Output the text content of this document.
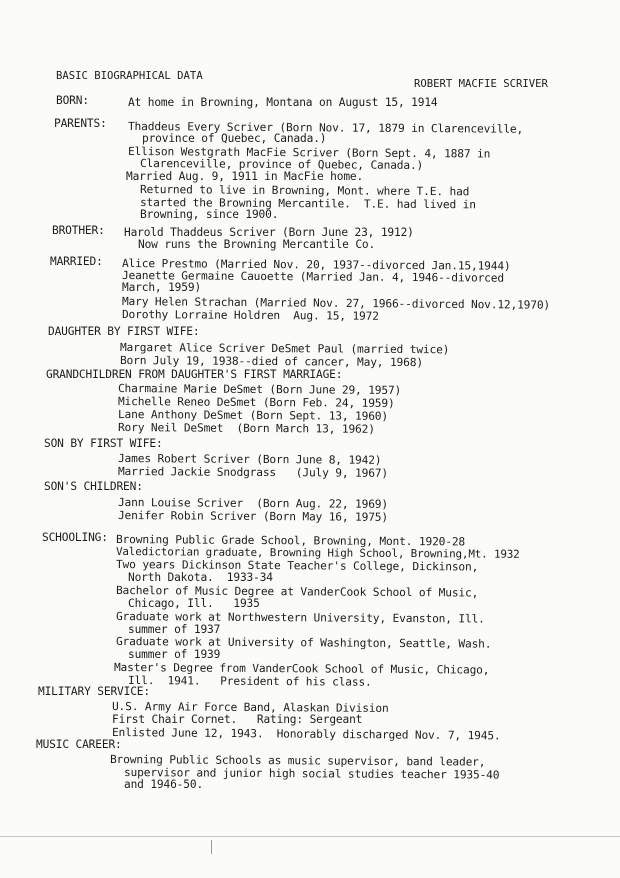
BASIC BIOGRAPHICAL DATA
ROBERT MACFIE SCRIVER
BORN:	At home in Browning, Montana on August 15, 1914
PARENTS: Thaddeus Every Scriver (Born Nov. 17, 1879 in Clarenceville,
province of Quebec, Canada.)
Ellison Westgrath MacFie Scriver (Born Sept. 4, 1887 in
Clarenceville, province of Quebec, Canada.)
Married Aug. 9, 1911 in MacFie home.
Returned to live in Browning, Mont. where T.E. had
started the Browning Mercantile.  T.E. had lived in
Browning, since 1900.
BROTHER: Harold Thaddeus Scriver (Born June 23, 1912)
Now runs the Browning Mercantile Co.
MARRIED: Alice Prestmo (Married Nov. 20, 1937--divorced Jan.15,1944)
Jeanette Germaine Cauoette (Married Jan. 4, 1946--divorced
March, 1959)
Mary Helen Strachan (Married Nov. 27, 1966--divorced Nov.12,1970)
Dorothy Lorraine Holdren  Aug. 15, 1972
DAUGHTER BY FIRST WIFE:
Margaret Alice Scriver DeSmet Paul (married twice)
Born July 19, 1938--died of cancer, May, 1968)
GRANDCHILDREN FROM DAUGHTER'S FIRST MARRIAGE:
Charmaine Marie DeSmet (Born June 29, 1957)
Michelle Reneo DeSmet (Born Feb. 24, 1959)
Lane Anthony DeSmet (Born Sept. 13, 1960)
Rory Neil DeSmet  (Born March 13, 1962)
SON BY FIRST WIFE:
James Robert Scriver (Born June 8, 1942)
Married Jackie Snodgrass   (July 9, 1967)
SON'S CHILDREN:
Jann Louise Scriver  (Born Aug. 22, 1969)
Jenifer Robin Scriver (Born May 16, 1975)
SCHOOLING: Browning Public Grade School, Browning, Mont. 1920-28
Valedictorian graduate, Browning High School, Browning,Mt. 1932
Two years Dickinson State Teacher's College, Dickinson,
North Dakota.  1933-34
Bachelor of Music Degree at VanderCook School of Music,
Chicago, Ill.   1935
Graduate work at Northwestern University, Evanston, Ill.
summer of 1937
Graduate work at University of Washington, Seattle, Wash.
summer of 1939
Master's Degree from VanderCook School of Music, Chicago,
Ill.  1941.   President of his class.
MILITARY SERVICE:
U.S. Army Air Force Band, Alaskan Division
First Chair Cornet.   Rating: Sergeant
Enlisted June 12, 1943.  Honorably discharged Nov. 7, 1945.
MUSIC CAREER:
Browning Public Schools as music supervisor, band leader,
supervisor and junior high social studies teacher 1935-40
and 1946-50.
